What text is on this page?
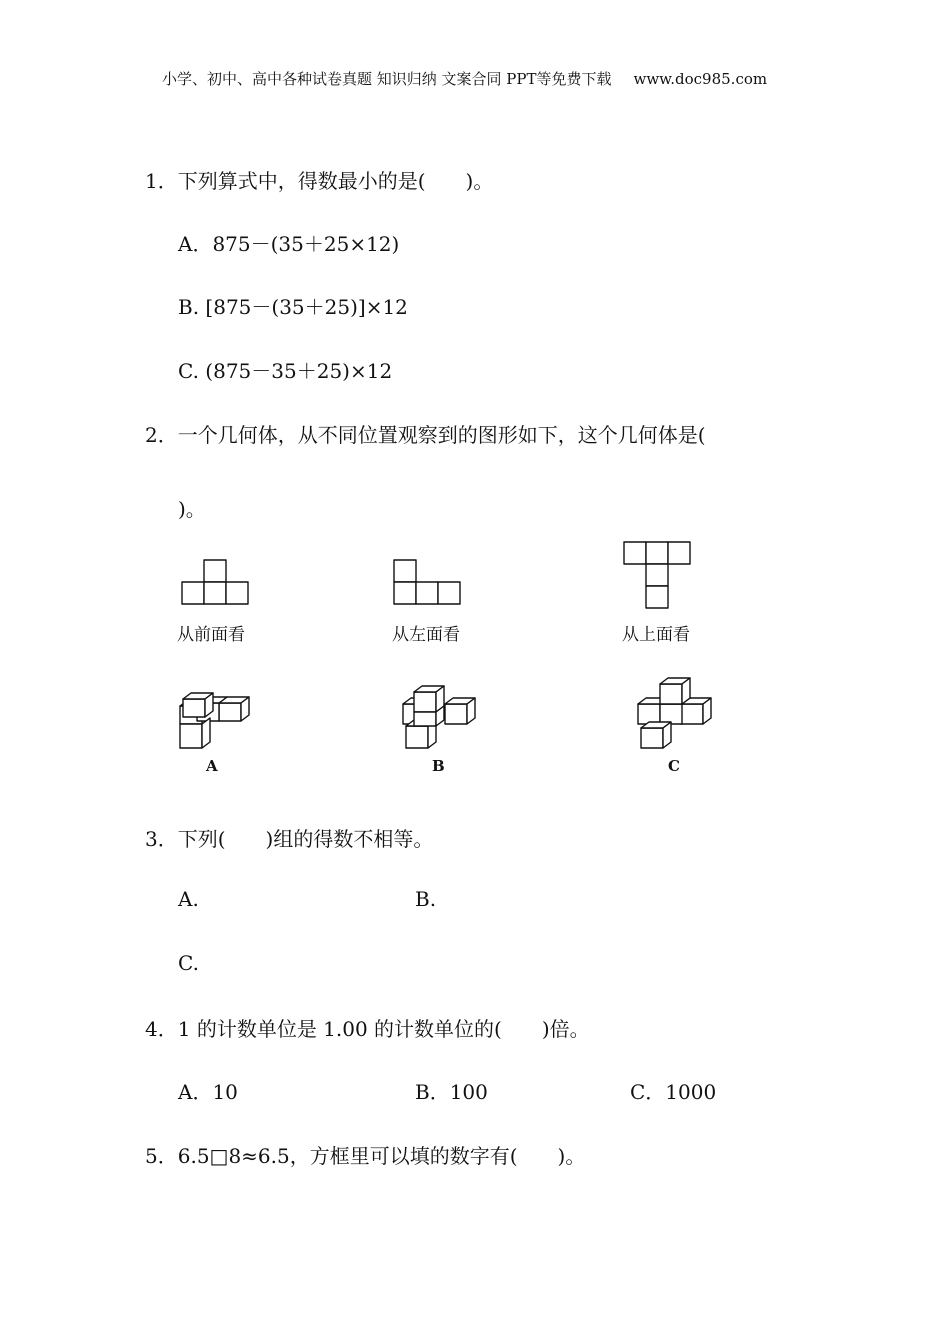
小学、初中、高中各种试卷真题 知识归纳 文案合同 PPT等免费下载 www.doc985.com
1．下列算式中，得数最小的是(　　)。
A．875－(35＋25×12)
B. [875－(35＋25)]×12
C. (875－35＋25)×12
2．一个几何体，从不同位置观察到的图形如下，这个几何体是(
)。
从前面看	从左面看	从上面看
A	B	C
3．下列(　　)组的得数不相等。
A.	B.
C.
4．1 的计数单位是 1.00 的计数单位的(　　)倍。
A．10	B．100	C．1000
5．6.5□8≈6.5，方框里可以填的数字有(　　)。
